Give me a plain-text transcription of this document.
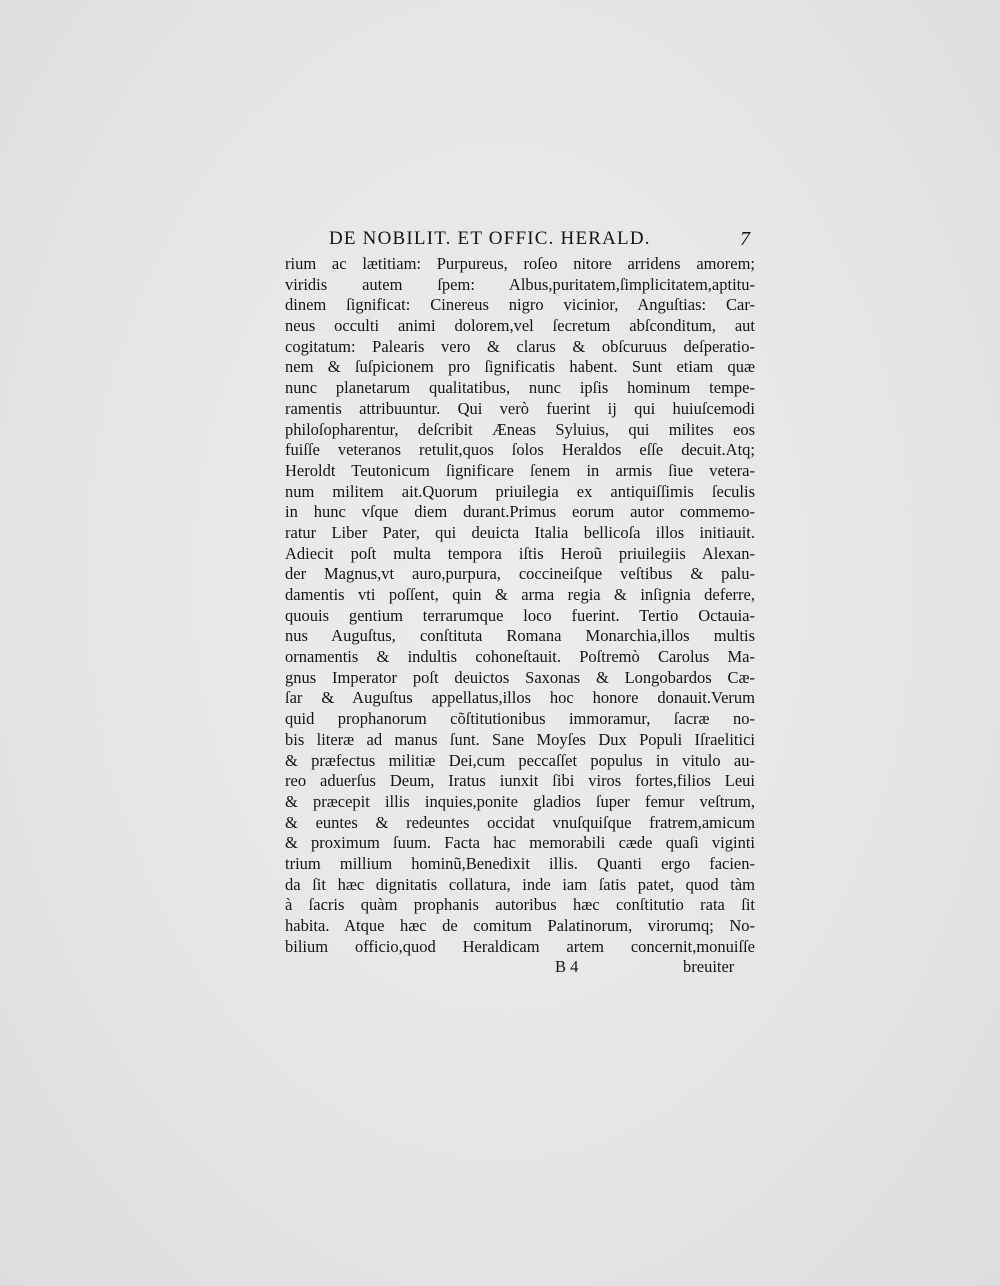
DE NOBILIT. ET OFFIC. HERALD.	7
rium ac lætitiam: Purpureus, roſeo nitore arridens amorem;
viridis autem ſpem: Albus,puritatem,ſimplicitatem,aptitu-
dinem ſignificat: Cinereus nigro vicinior, Anguſtias: Car-
neus occulti animi dolorem,vel ſecretum abſconditum, aut
cogitatum: Palearis vero & clarus & obſcuruus deſperatio-
nem & ſuſpicionem pro ſignificatis habent. Sunt etiam quæ
nunc planetarum qualitatibus, nunc ipſis hominum tempe-
ramentis attribuuntur. Qui verò fuerint ij qui huiuſcemodi
philoſopharentur, deſcribit Æneas Syluius, qui milites eos
fuiſſe veteranos retulit,quos ſolos Heraldos eſſe decuit.Atq;
Heroldt Teutonicum ſignificare ſenem in armis ſiue vetera-
num militem ait.Quorum priuilegia ex antiquiſſimis ſeculis
in hunc vſque diem durant.Primus eorum autor commemo-
ratur Liber Pater, qui deuicta Italia bellicoſa illos initiauit.
Adiecit poſt multa tempora iſtis Heroũ priuilegiis Alexan-
der Magnus,vt auro,purpura, coccineiſque veſtibus & palu-
damentis vti poſſent, quin & arma regia & inſignia deferre,
quouis gentium terrarumque loco fuerint. Tertio Octauia-
nus Auguſtus, conſtituta Romana Monarchia,illos multis
ornamentis & indultis cohoneſtauit. Poſtremò Carolus Ma-
gnus Imperator poſt deuictos Saxonas & Longobardos Cæ-
ſar & Auguſtus appellatus,illos hoc honore donauit.Verum
quid prophanorum cõſtitutionibus immoramur, ſacræ no-
bis literæ ad manus ſunt. Sane Moyſes Dux Populi Iſraelitici
& præfectus militiæ Dei,cum peccaſſet populus in vitulo au-
reo aduerſus Deum, Iratus iunxit ſibi viros fortes,filios Leui
& præcepit illis inquies,ponite gladios ſuper femur veſtrum,
& euntes & redeuntes occidat vnuſquiſque fratrem,amicum
& proximum ſuum. Facta hac memorabili cæde quaſi viginti
trium millium hominũ,Benedixit illis. Quanti ergo facien-
da ſit hæc dignitatis collatura, inde iam ſatis patet, quod tàm
à ſacris quàm prophanis autoribus hæc conſtitutio rata ſit
habita. Atque hæc de comitum Palatinorum, virorumq; No-
bilium officio,quod Heraldicam artem concernit,monuiſſe
B 4	breuiter
